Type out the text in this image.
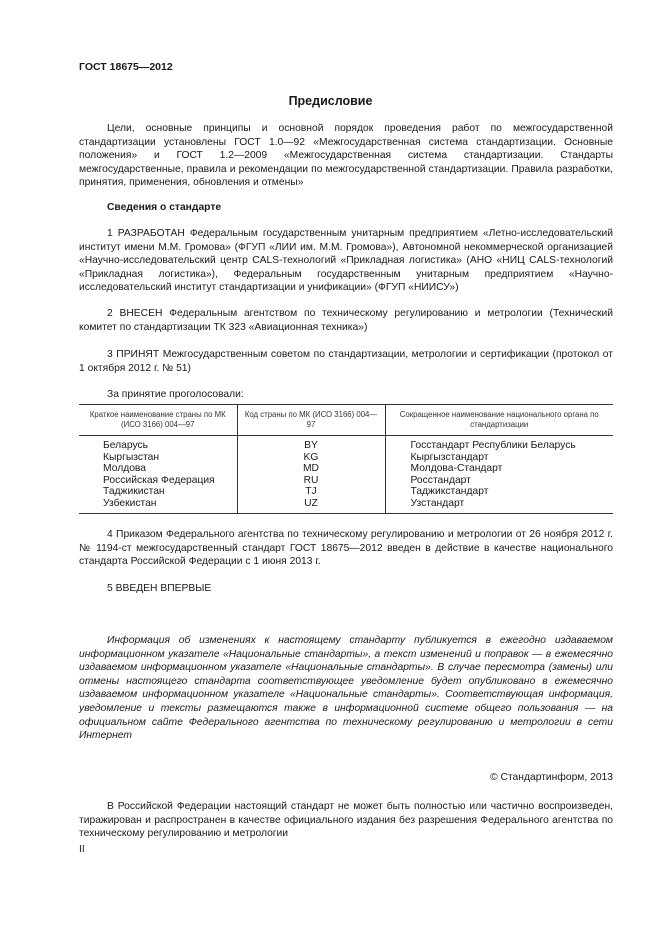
ГОСТ 18675—2012
Предисловие
Цели, основные принципы и основной порядок проведения работ по межгосударственной стандартизации установлены ГОСТ 1.0—92 «Межгосударственная система стандартизации. Основные положения» и ГОСТ 1.2—2009 «Межгосударственная система стандартизации. Стандарты межгосударственные, правила и рекомендации по межгосударственной стандартизации. Правила разработки, принятия, применения, обновления и отмены»
Сведения о стандарте
1 РАЗРАБОТАН Федеральным государственным унитарным предприятием «Летно-исследовательский институт имени М.М. Громова» (ФГУП «ЛИИ им. М.М. Громова»), Автономной некоммерческой организацией «Научно-исследовательский центр CALS-технологий «Прикладная логистика» (АНО «НИЦ CALS-технологий «Прикладная логистика»), Федеральным государственным унитарным предприятием «Научно-исследовательский институт стандартизации и унификации» (ФГУП «НИИСУ»)
2 ВНЕСЕН Федеральным агентством по техническому регулированию и метрологии (Технический комитет по стандартизации ТК 323 «Авиационная техника»)
3 ПРИНЯТ Межгосударственным советом по стандартизации, метрологии и сертификации (протокол от 1 октября 2012 г. № 51)
За принятие проголосовали:
Краткое наименование страны по МК (ИСО 3166) 004—97	Код страны по МК (ИСО 3166) 004—97	Сокращенное наименование национального органа по стандартизации
Беларусь	BY	Госстандарт Республики Беларусь
Кыргызстан	KG	Кыргызстандарт
Молдова	MD	Молдова-Стандарт
Российская Федерация	RU	Росстандарт
Таджикистан	TJ	Таджикстандарт
Узбекистан	UZ	Узстандарт
4 Приказом Федерального агентства по техническому регулированию и метрологии от 26 ноября 2012 г. № 1194-ст межгосударственный стандарт ГОСТ 18675—2012 введен в действие в качестве национального стандарта Российской Федерации с 1 июня 2013 г.
5 ВВЕДЕН ВПЕРВЫЕ
Информация об изменениях к настоящему стандарту публикуется в ежегодно издаваемом информационном указателе «Национальные стандарты», а текст изменений и поправок — в ежемесячно издаваемом информационном указателе «Национальные стандарты». В случае пересмотра (замены) или отмены настоящего стандарта соответствующее уведомление будет опубликовано в ежемесячно издаваемом информационном указателе «Национальные стандарты». Соответствующая информация, уведомление и тексты размещаются также в информационной системе общего пользования — на официальном сайте Федерального агентства по техническому регулированию и метрологии в сети Интернет
© Стандартинформ, 2013
В Российской Федерации настоящий стандарт не может быть полностью или частично воспроизведен, тиражирован и распространен в качестве официального издания без разрешения Федерального агентства по техническому регулированию и метрологии
II
